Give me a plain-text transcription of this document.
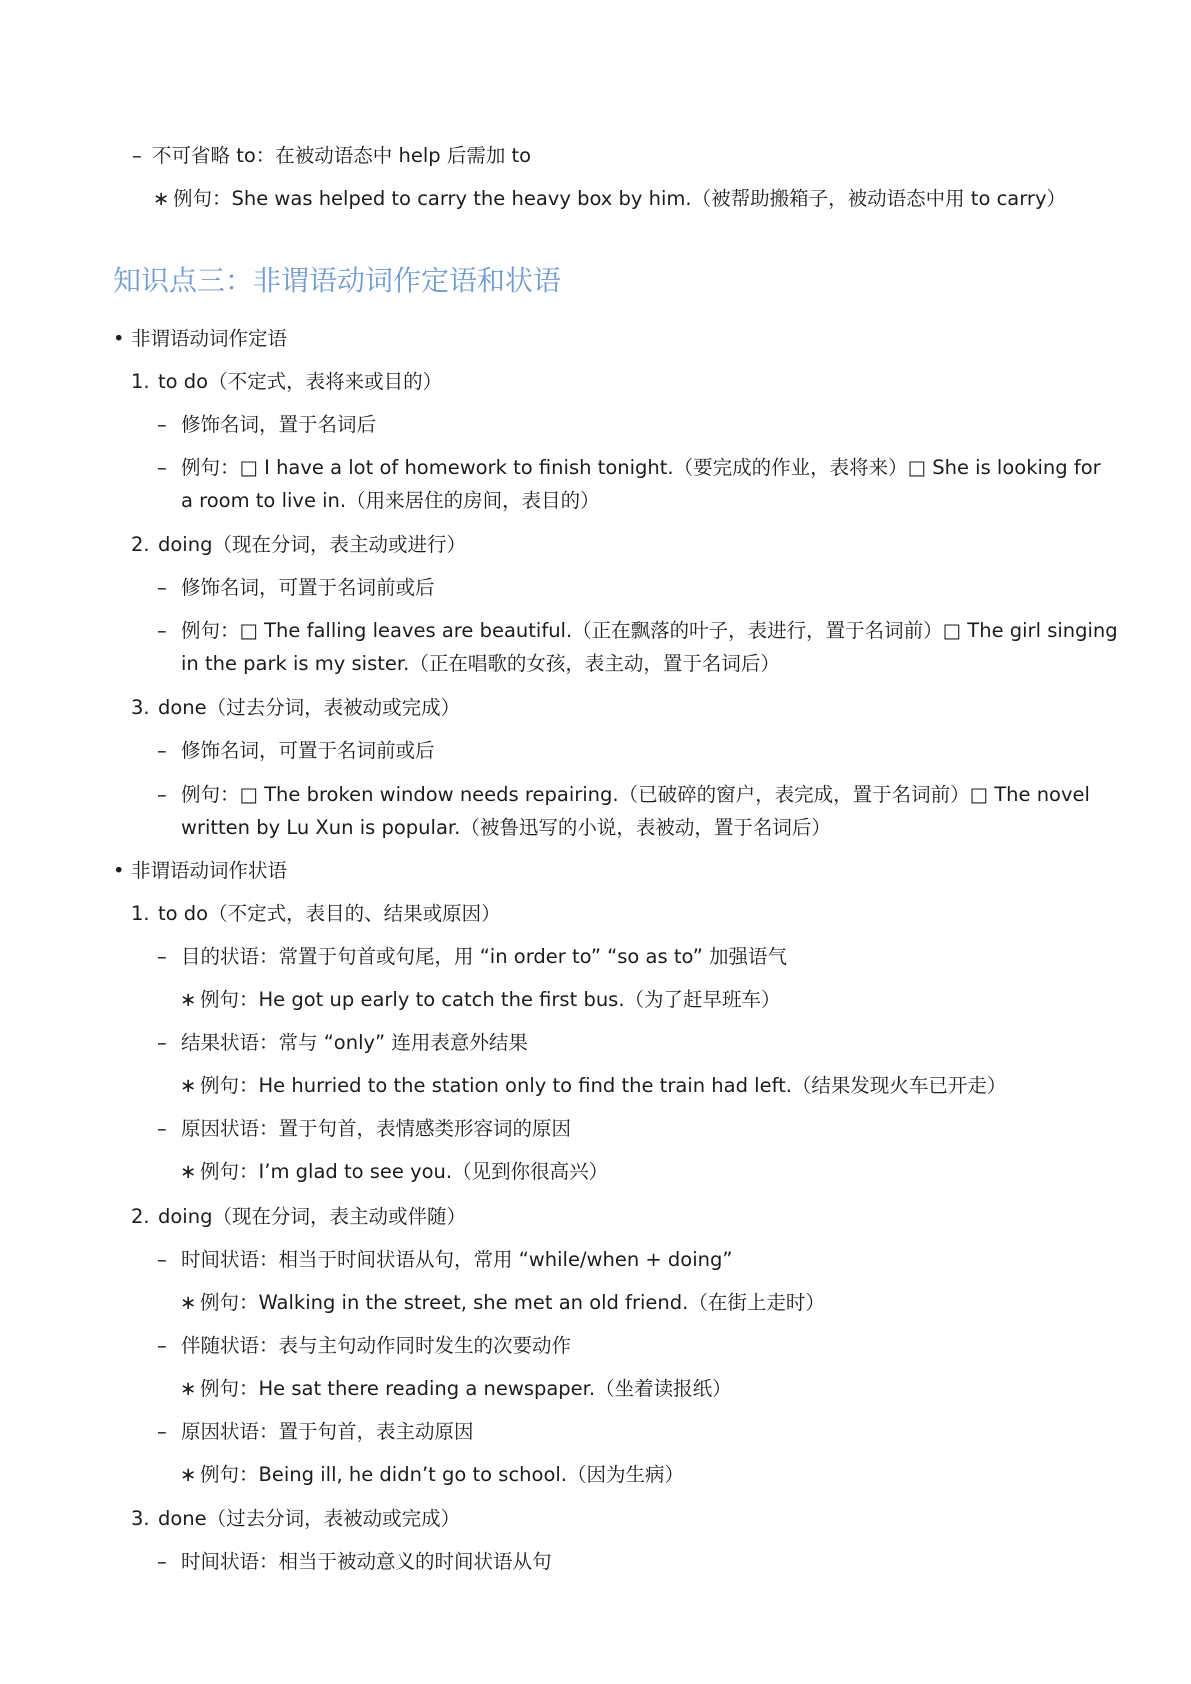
– 不可省略 to：在被动语态中 help 后需加 to
∗ 例句：She was helped to carry the heavy box by him.（被帮助搬箱子，被动语态中用 to carry）
知识点三：非谓语动词作定语和状语
• 非谓语动词作定语
1. to do（不定式，表将来或目的）
– 修饰名词，置于名词后
– 例句：□ I have a lot of homework to finish tonight.（要完成的作业，表将来）□ She is looking for
a room to live in.（用来居住的房间，表目的）
2. doing（现在分词，表主动或进行）
– 修饰名词，可置于名词前或后
– 例句：□ The falling leaves are beautiful.（正在飘落的叶子，表进行，置于名词前）□ The girl singing
in the park is my sister.（正在唱歌的女孩，表主动，置于名词后）
3. done（过去分词，表被动或完成）
– 修饰名词，可置于名词前或后
– 例句：□ The broken window needs repairing.（已破碎的窗户，表完成，置于名词前）□ The novel
written by Lu Xun is popular.（被鲁迅写的小说，表被动，置于名词后）
• 非谓语动词作状语
1. to do（不定式，表目的、结果或原因）
– 目的状语：常置于句首或句尾，用 “in order to” “so as to” 加强语气
∗ 例句：He got up early to catch the first bus.（为了赶早班车）
– 结果状语：常与 “only” 连用表意外结果
∗ 例句：He hurried to the station only to find the train had left.（结果发现火车已开走）
– 原因状语：置于句首，表情感类形容词的原因
∗ 例句：I’m glad to see you.（见到你很高兴）
2. doing（现在分词，表主动或伴随）
– 时间状语：相当于时间状语从句，常用 “while/when + doing”
∗ 例句：Walking in the street, she met an old friend.（在街上走时）
– 伴随状语：表与主句动作同时发生的次要动作
∗ 例句：He sat there reading a newspaper.（坐着读报纸）
– 原因状语：置于句首，表主动原因
∗ 例句：Being ill, he didn’t go to school.（因为生病）
3. done（过去分词，表被动或完成）
– 时间状语：相当于被动意义的时间状语从句
